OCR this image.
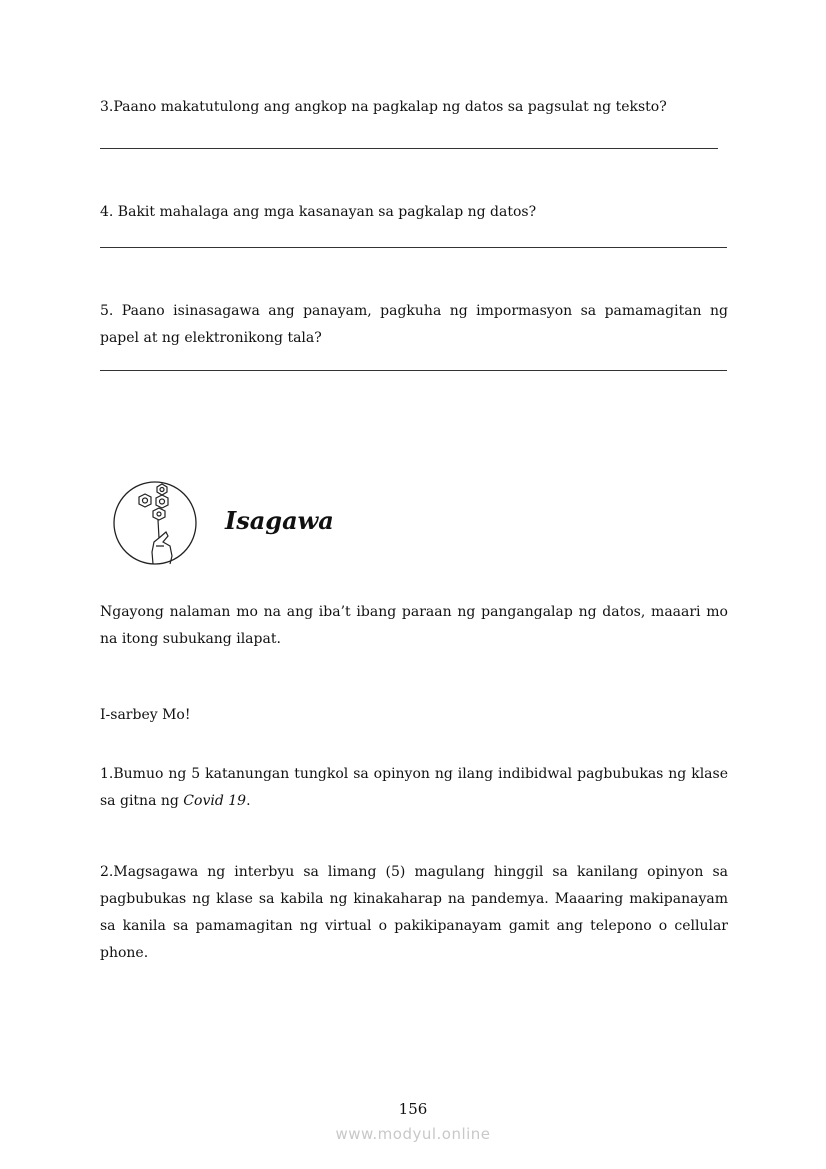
3.Paano makatutulong ang angkop na pagkalap ng datos sa pagsulat ng teksto?
4. Bakit mahalaga ang mga kasanayan sa pagkalap ng datos?
5. Paano isinasagawa ang panayam, pagkuha ng impormasyon sa pamamagitan ng papel at ng elektronikong tala?
Isagawa
Ngayong nalaman mo na ang iba’t ibang paraan ng pangangalap ng datos, maaari mo na itong subukang ilapat.
I-sarbey Mo!
1.Bumuo ng 5 katanungan tungkol sa opinyon ng ilang indibidwal pagbubukas ng klase sa gitna ng Covid 19.
2.Magsagawa ng interbyu sa limang (5) magulang hinggil sa kanilang opinyon sa pagbubukas ng klase sa kabila ng kinakaharap na pandemya. Maaaring makipanayam sa kanila sa pamamagitan ng virtual o pakikipanayam gamit ang telepono o cellular phone.
156
www.modyul.online
